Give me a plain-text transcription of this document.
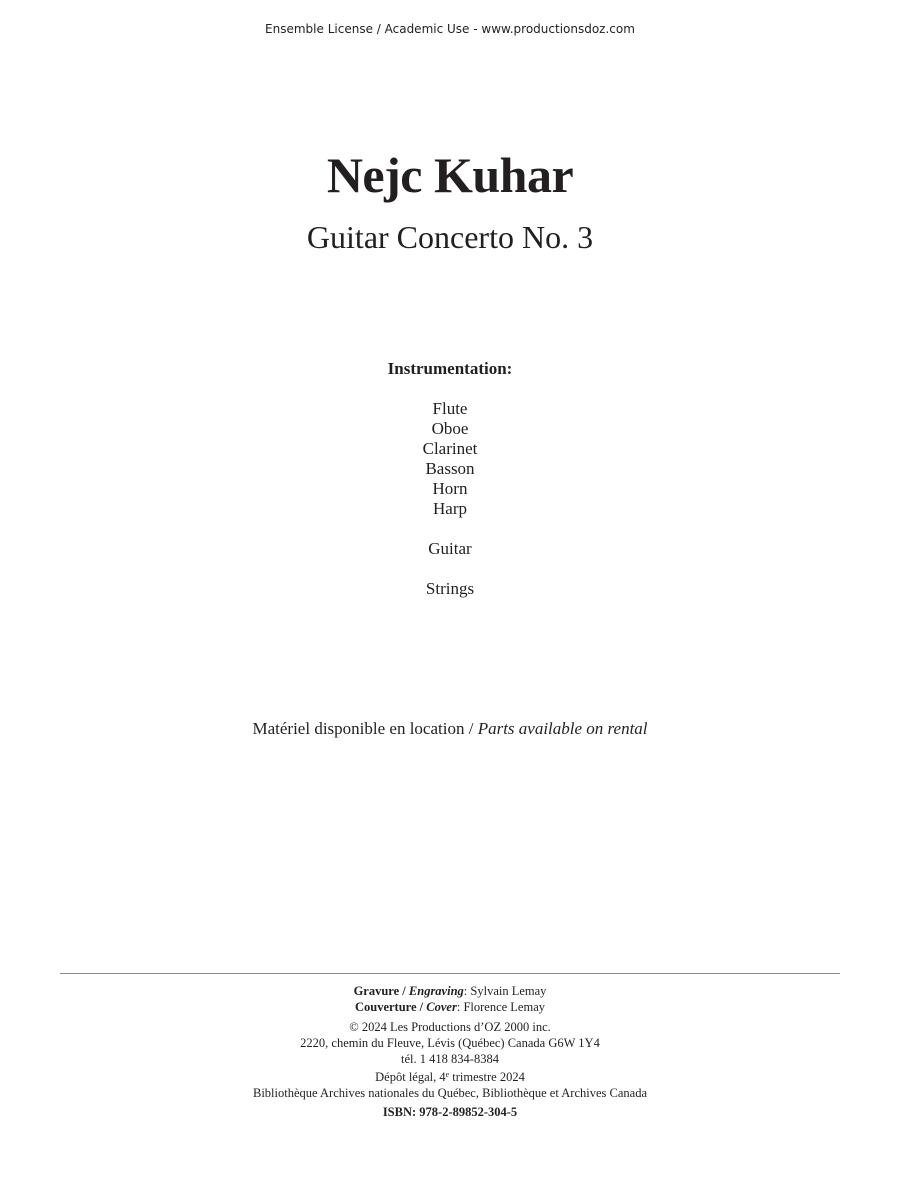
Ensemble License / Academic Use - www.productionsdoz.com
Nejc Kuhar
Guitar Concerto No. 3
Instrumentation:
Flute
Oboe
Clarinet
Basson
Horn
Harp
Guitar
Strings
Matériel disponible en location / Parts available on rental
Gravure / Engraving: Sylvain Lemay
Couverture / Cover: Florence Lemay
© 2024 Les Productions d’OZ 2000 inc.
2220, chemin du Fleuve, Lévis (Québec) Canada G6W 1Y4
tél. 1 418 834-8384
Dépôt légal, 4e trimestre 2024
Bibliothèque Archives nationales du Québec, Bibliothèque et Archives Canada
ISBN: 978-2-89852-304-5
